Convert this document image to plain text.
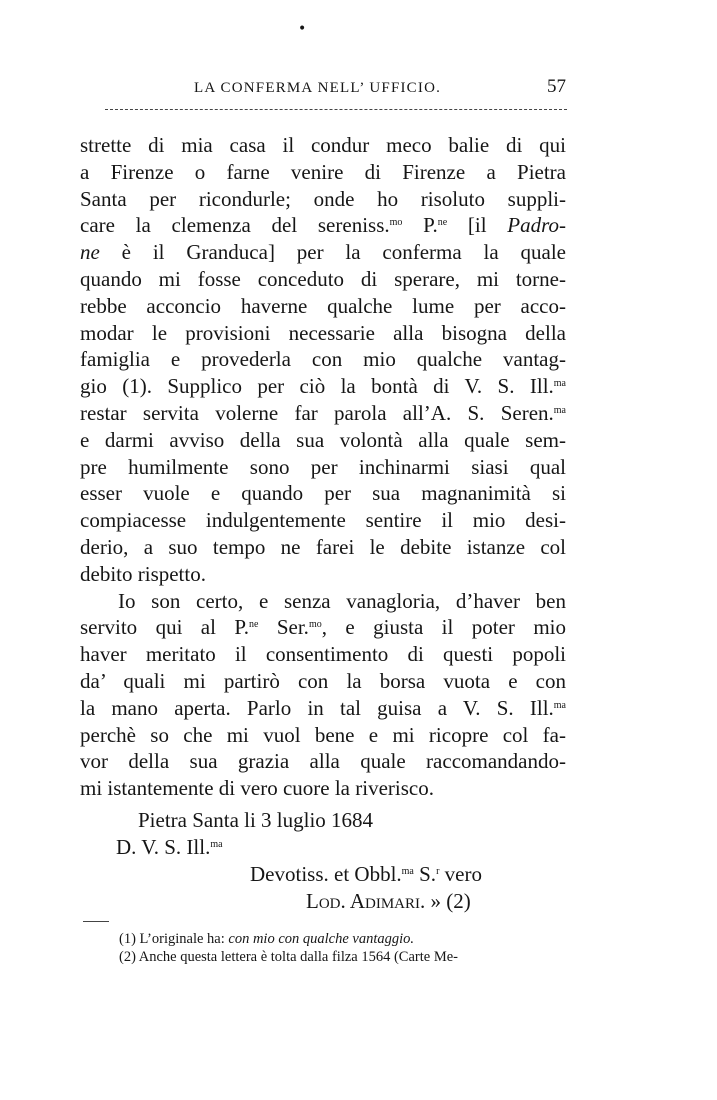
•
LA CONFERMA NELL’ UFFICIO.	57
strette di mia casa il condur meco balie di qui
a Firenze o farne venire di Firenze a Pietra
Santa per ricondurle; onde ho risoluto suppli-
care la clemenza del sereniss.$^{mo}$ P.$^{ne}$ [il Padro-
ne è il Granduca] per la conferma la quale
quando mi fosse conceduto di sperare, mi torne-
rebbe acconcio haverne qualche lume per acco-
modar le provisioni necessarie alla bisogna della
famiglia e provederla con mio qualche vantag-
gio (1). Supplico per ciò la bontà di V. S. Ill.$^{ma}$
restar servita volerne far parola all’A. S. Seren.$^{ma}$
e darmi avviso della sua volontà alla quale sem-
pre humilmente sono per inchinarmi siasi qual
esser vuole e quando per sua magnanimità si
compiacesse indulgentemente sentire il mio desi-
derio, a suo tempo ne farei le debite istanze col
debito rispetto.
Io son certo, e senza vanagloria, d’haver ben
servito qui al P.$^{ne}$ Ser.$^{mo}$, e giusta il poter mio
haver meritato il consentimento di questi popoli
da’ quali mi partirò con la borsa vuota e con
la mano aperta. Parlo in tal guisa a V. S. Ill.$^{ma}$
perchè so che mi vuol bene e mi ricopre col fa-
vor della sua grazia alla quale raccomandando-
mi istantemente di vero cuore la riverisco.
Pietra Santa li 3 luglio 1684
D. V. S. Ill.$^{ma}$
Devotiss. et Obbl.$^{ma}$ S.$^r$ vero
Lod. Adimari. » (2)
(1) L’originale ha: con mio con qualche vantaggio.
(2) Anche questa lettera è tolta dalla filza 1564 (Carte Me-
